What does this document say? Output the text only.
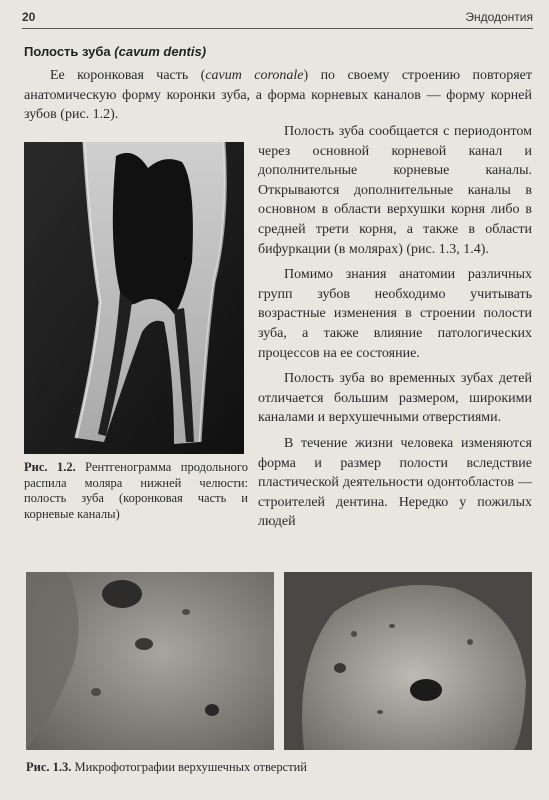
20	Эндодонтия
Полость зуба (cavum dentis)

Ее коронковая часть (cavum coronale) по своему строению повторяет анатомическую форму коронки зуба, а форма корневых каналов — форму корней зубов (рис. 1.2).

Рис. 1.2. Рентгенограмма продольного распила моляра нижней челюсти: полость зуба (коронковая часть и корневые каналы)

Полость зуба сообщается с периодонтом через основной корневой канал и дополнительные корневые каналы. Открываются дополнительные каналы в основном в области верхушки корня либо в средней трети корня, а также в области бифуркации (в молярах) (рис. 1.3, 1.4).

Помимо знания анатомии различных групп зубов необходимо учитывать возрастные изменения в строении полости зуба, а также влияние патологических процессов на ее состояние.

Полость зуба во временных зубах детей отличается большим размером, широкими каналами и верхушечными отверстиями.

В течение жизни человека изменяются форма и размер полости вследствие пластической деятельности одонтобластов — строителей дентина. Нередко у пожилых людей

Рис. 1.3. Микрофотографии верхушечных отверстий
